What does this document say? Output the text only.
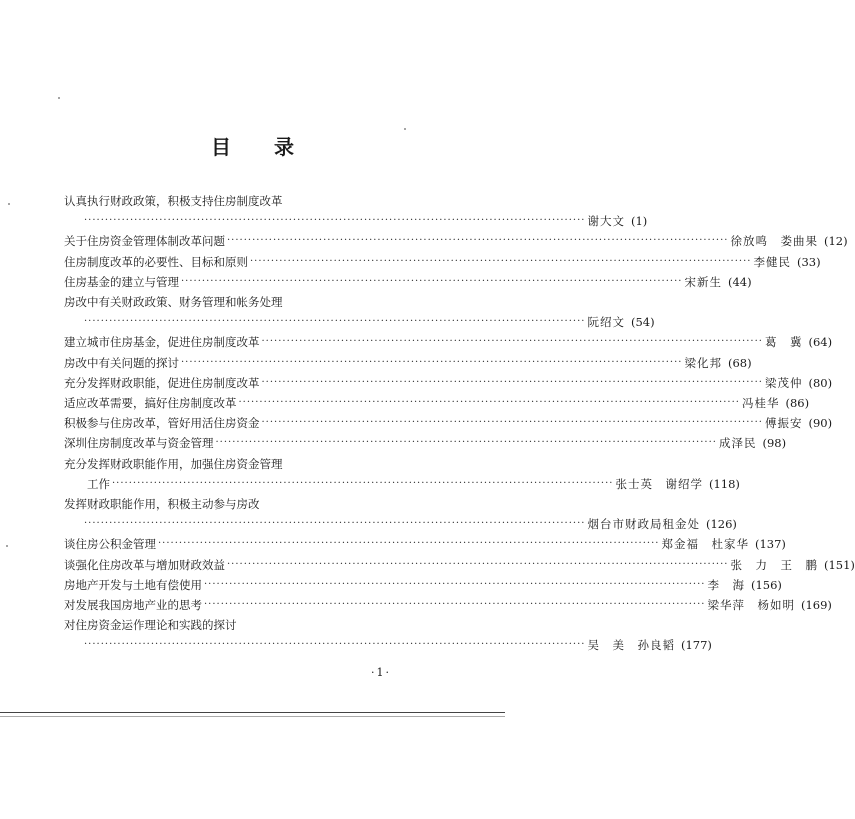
目 录
认真执行财政政策，积极支持住房制度改革
························································································································ 谢大文 (1)
关于住房资金管理体制改革问题 ························································································································ 徐放鸣　娄曲果 (12)
住房制度改革的必要性、目标和原则 ························································································································ 李健民 (33)
住房基金的建立与管理 ························································································································ 宋新生 (44)
房改中有关财政政策、财务管理和帐务处理
························································································································ 阮绍文 (54)
建立城市住房基金，促进住房制度改革 ························································································································ 葛　冀 (64)
房改中有关问题的探讨 ························································································································ 梁化邦 (68)
充分发挥财政职能，促进住房制度改革 ························································································································ 梁茂仲 (80)
适应改革需要，搞好住房制度改革 ························································································································ 冯桂华 (86)
积极参与住房改革，管好用活住房资金 ························································································································ 傅振安 (90)
深圳住房制度改革与资金管理 ························································································································ 成泽民 (98)
充分发挥财政职能作用，加强住房资金管理
　　工作 ························································································································ 张士英　谢绍学 (118)
发挥财政职能作用，积极主动参与房改
························································································································ 烟台市财政局租金处 (126)
谈住房公积金管理 ························································································································ 郑金福　杜家华 (137)
谈强化住房改革与增加财政效益 ························································································································ 张　力　王　鹏 (151)
房地产开发与土地有偿使用 ························································································································ 李　海 (156)
对发展我国房地产业的思考 ························································································································ 梁华萍　杨如明 (169)
对住房资金运作理论和实践的探讨
························································································································ 吴　美　孙良韬 (177)
·1·
